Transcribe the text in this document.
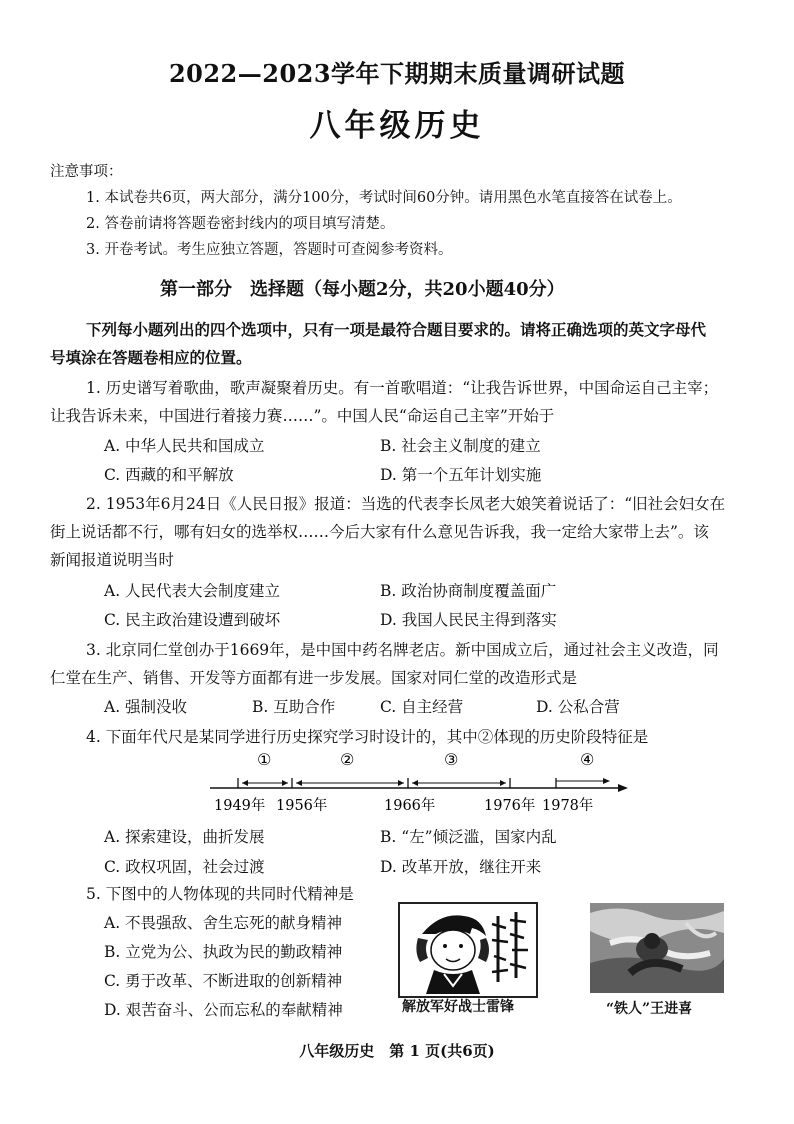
2022—2023学年下期期末质量调研试题
八年级历史
注意事项：
1. 本试卷共6页，两大部分，满分100分，考试时间60分钟。请用黑色水笔直接答在试卷上。
2. 答卷前请将答题卷密封线内的项目填写清楚。
3. 开卷考试。考生应独立答题，答题时可查阅参考资料。
第一部分　选择题（每小题2分，共20小题40分）
下列每小题列出的四个选项中，只有一项是最符合题目要求的。请将正确选项的英文字母代
号填涂在答题卷相应的位置。
1. 历史谱写着歌曲，歌声凝聚着历史。有一首歌唱道：“让我告诉世界，中国命运自己主宰；
让我告诉未来，中国进行着接力赛……”。中国人民“命运自己主宰”开始于
A. 中华人民共和国成立	B. 社会主义制度的建立
C. 西藏的和平解放	D. 第一个五年计划实施
2. 1953年6月24日《人民日报》报道：当选的代表李长凤老大娘笑着说话了：“旧社会妇女在
街上说话都不行，哪有妇女的选举权……今后大家有什么意见告诉我，我一定给大家带上去”。该
新闻报道说明当时
A. 人民代表大会制度建立	B. 政治协商制度覆盖面广
C. 民主政治建设遭到破坏	D. 我国人民民主得到落实
3. 北京同仁堂创办于1669年，是中国中药名牌老店。新中国成立后，通过社会主义改造，同
仁堂在生产、销售、开发等方面都有进一步发展。国家对同仁堂的改造形式是
A. 强制没收	B. 互助合作	C. 自主经营	D. 公私合营
4. 下面年代尺是某同学进行历史探究学习时设计的，其中②体现的历史阶段特征是
①	②	③	④
1949年 1956年	1966年	1976年 1978年
A. 探索建设，曲折发展	B. “左”倾泛滥，国家内乱
C. 政权巩固，社会过渡	D. 改革开放，继往开来
5. 下图中的人物体现的共同时代精神是
A. 不畏强敌、舍生忘死的献身精神
B. 立党为公、执政为民的勤政精神
C. 勇于改革、不断进取的创新精神
D. 艰苦奋斗、公而忘私的奉献精神	解放军好战士雷锋	“铁人”王进喜
八年级历史　第 1 页(共6页)
